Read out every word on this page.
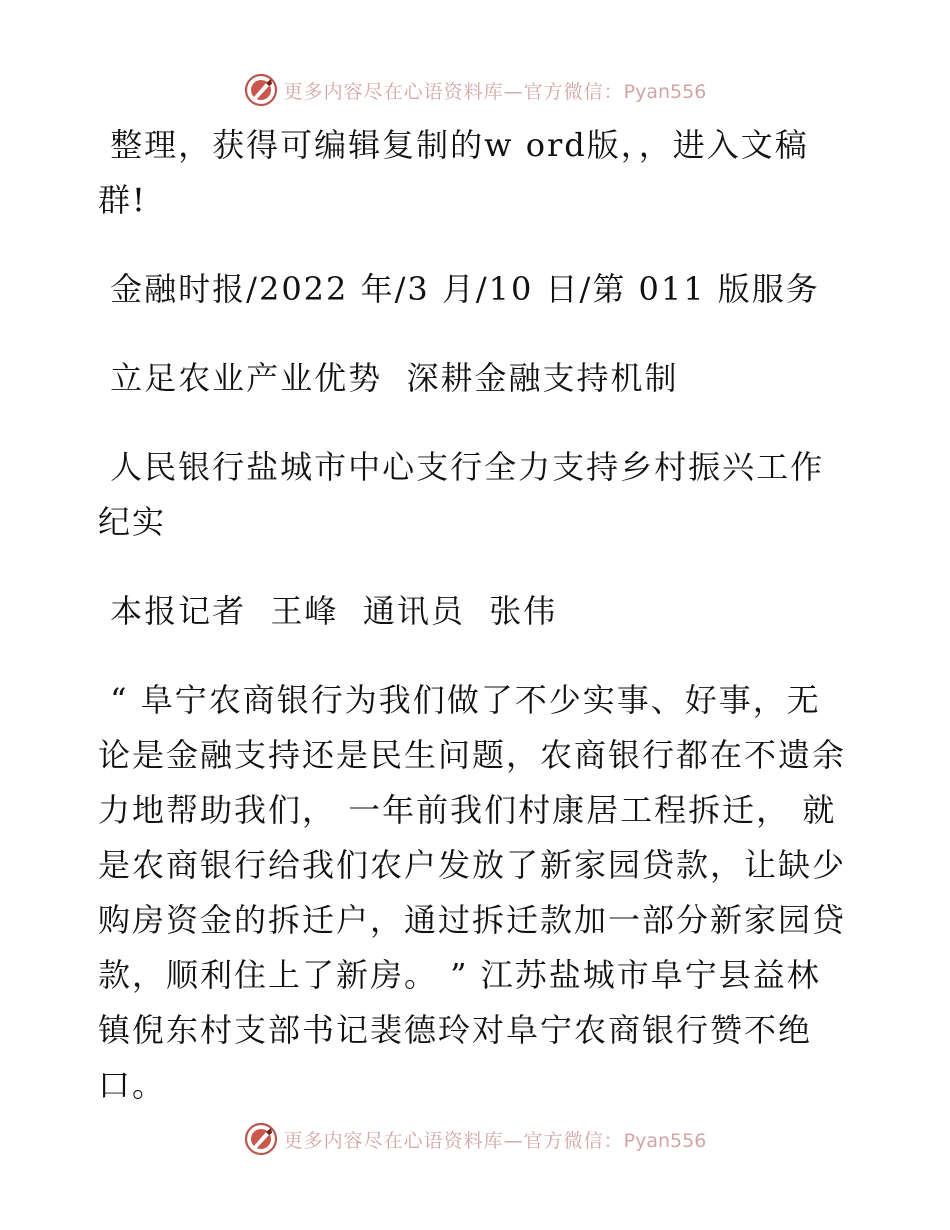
更多内容尽在心语资料库—官方微信：Pyan556
整理，获得可编辑复制的w ord版，，进入文稿
群!
金融时报/2022 年/3 月/10 日/第 011 版服务
立足农业产业优势  深耕金融支持机制
人民银行盐城市中心支行全力支持乡村振兴工作
纪实
本报记者  王峰  通讯员  张伟
“ 阜宁农商银行为我们做了不少实事、好事，无
论是金融支持还是民生问题，农商银行都在不遗余
力地帮助我们， 一年前我们村康居工程拆迁， 就
是农商银行给我们农户发放了新家园贷款，让缺少
购房资金的拆迁户，通过拆迁款加一部分新家园贷
款，顺利住上了新房。 ” 江苏盐城市阜宁县益林
镇倪东村支部书记裴德玲对阜宁农商银行赞不绝
口。
更多内容尽在心语资料库—官方微信：Pyan556
